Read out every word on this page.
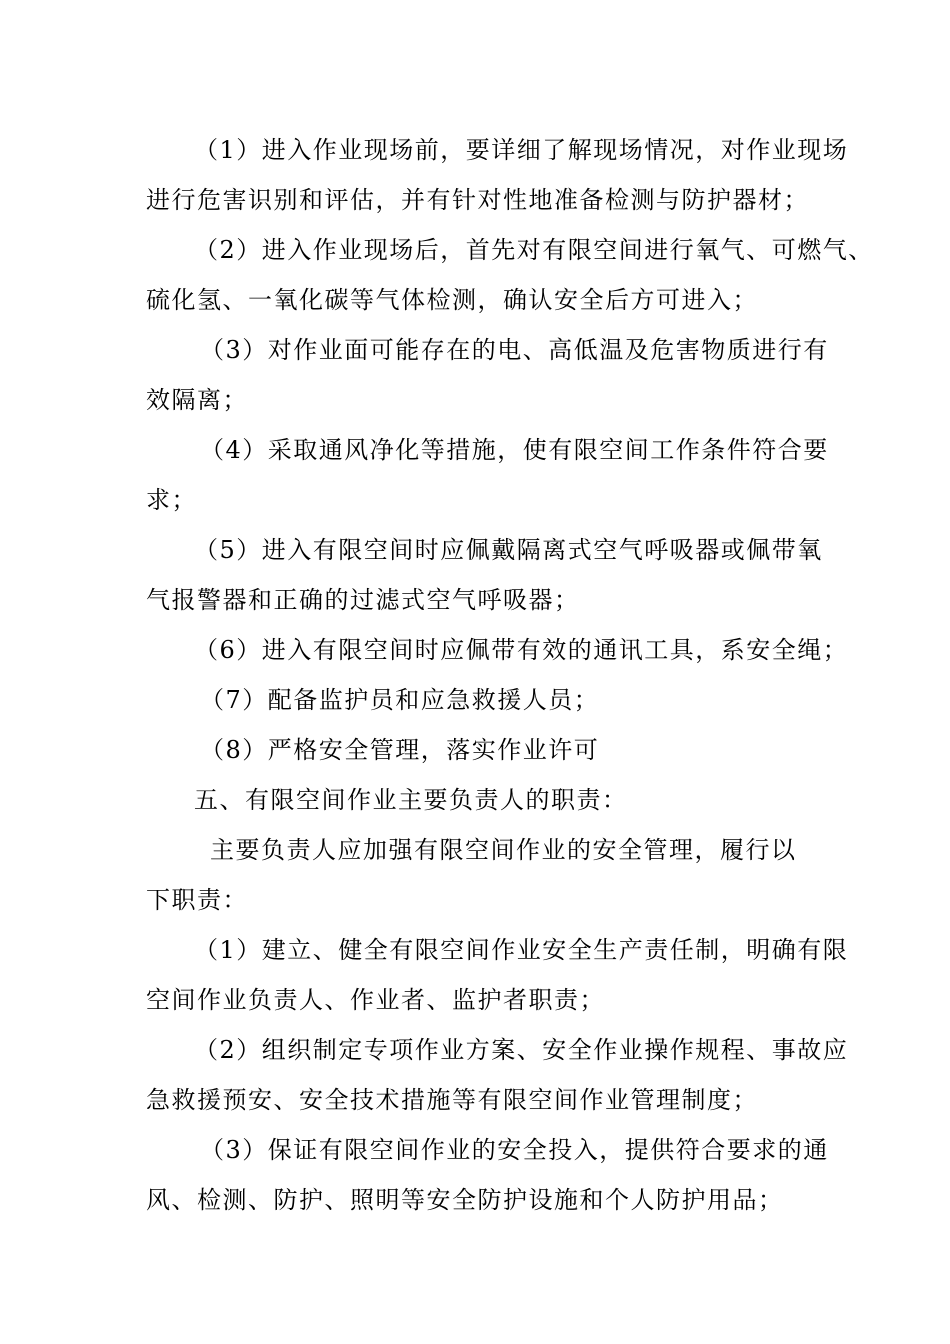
（1）进入作业现场前，要详细了解现场情况，对作业现场
进行危害识别和评估，并有针对性地准备检测与防护器材；
（2）进入作业现场后，首先对有限空间进行氧气、可燃气、
硫化氢、一氧化碳等气体检测，确认安全后方可进入；
（3）对作业面可能存在的电、高低温及危害物质进行有
效隔离；
（4）采取通风净化等措施，使有限空间工作条件符合要
求；
（5）进入有限空间时应佩戴隔离式空气呼吸器或佩带氧
气报警器和正确的过滤式空气呼吸器；
（6）进入有限空间时应佩带有效的通讯工具，系安全绳；
（7）配备监护员和应急救援人员；
（8）严格安全管理，落实作业许可
五、有限空间作业主要负责人的职责：
主要负责人应加强有限空间作业的安全管理，履行以
下职责：
（1）建立、健全有限空间作业安全生产责任制，明确有限
空间作业负责人、作业者、监护者职责；
（2）组织制定专项作业方案、安全作业操作规程、事故应
急救援预安、安全技术措施等有限空间作业管理制度；
（3）保证有限空间作业的安全投入，提供符合要求的通
风、检测、防护、照明等安全防护设施和个人防护用品；
